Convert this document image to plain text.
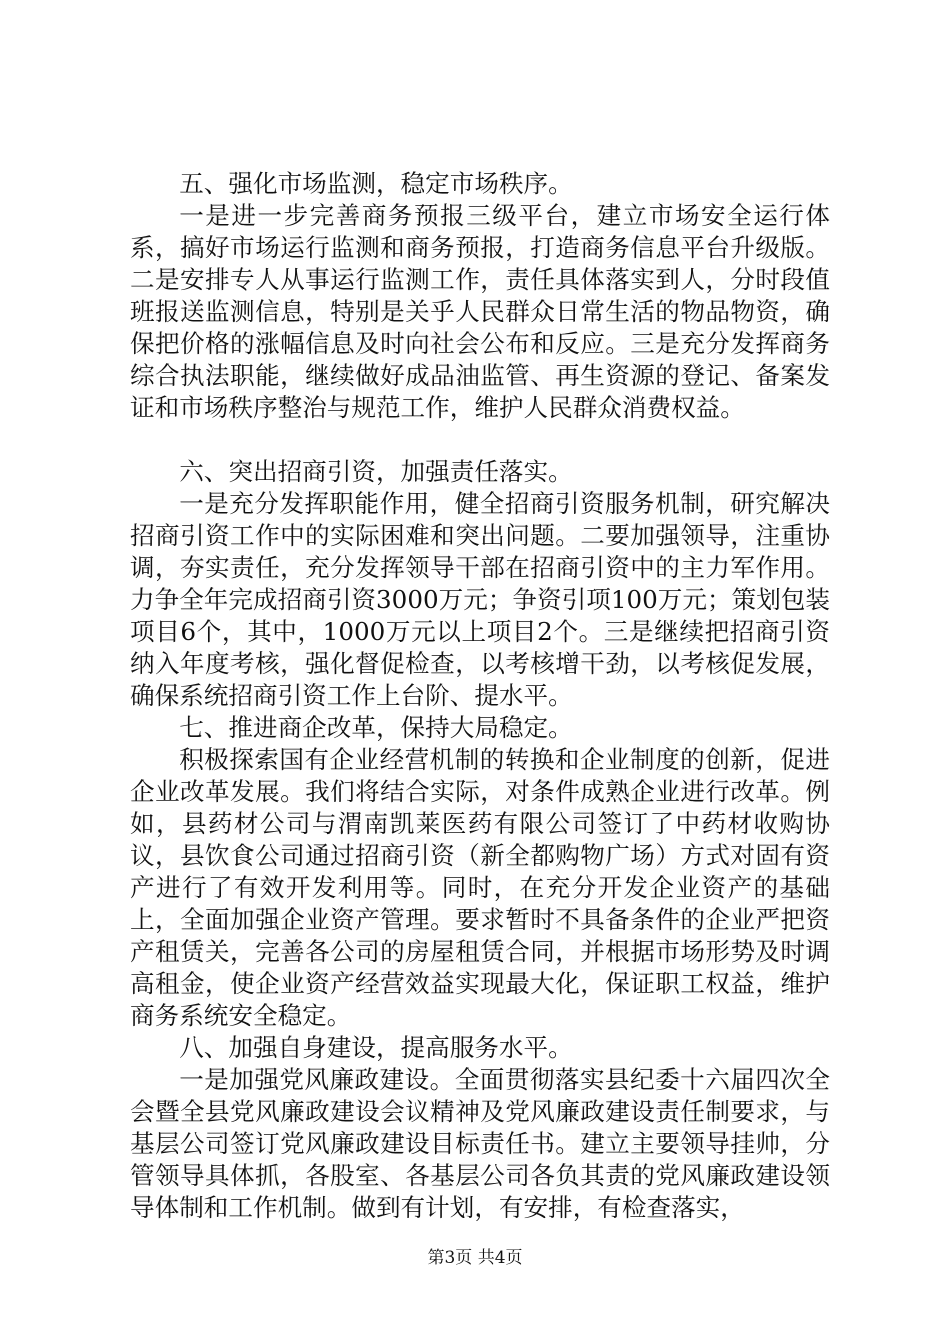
五、强化市场监测，稳定市场秩序。

一是进一步完善商务预报三级平台，建立市场安全运行体系，搞好市场运行监测和商务预报，打造商务信息平台升级版。二是安排专人从事运行监测工作，责任具体落实到人，分时段值班报送监测信息，特别是关乎人民群众日常生活的物品物资，确保把价格的涨幅信息及时向社会公布和反应。三是充分发挥商务综合执法职能，继续做好成品油监管、再生资源的登记、备案发证和市场秩序整治与规范工作，维护人民群众消费权益。

六、突出招商引资，加强责任落实。

一是充分发挥职能作用，健全招商引资服务机制，研究解决招商引资工作中的实际困难和突出问题。二要加强领导，注重协调，夯实责任，充分发挥领导干部在招商引资中的主力军作用。力争全年完成招商引资3000万元；争资引项100万元；策划包装项目6个，其中，1000万元以上项目2个。三是继续把招商引资纳入年度考核，强化督促检查，以考核增干劲，以考核促发展，确保系统招商引资工作上台阶、提水平。

七、推进商企改革，保持大局稳定。

积极探索国有企业经营机制的转换和企业制度的创新，促进企业改革发展。我们将结合实际，对条件成熟企业进行改革。例如，县药材公司与渭南凯莱医药有限公司签订了中药材收购协议，县饮食公司通过招商引资（新全都购物广场）方式对固有资产进行了有效开发利用等。同时，在充分开发企业资产的基础上，全面加强企业资产管理。要求暂时不具备条件的企业严把资产租赁关，完善各公司的房屋租赁合同，并根据市场形势及时调高租金，使企业资产经营效益实现最大化，保证职工权益，维护商务系统安全稳定。

八、加强自身建设，提高服务水平。

一是加强党风廉政建设。全面贯彻落实县纪委十六届四次全会暨全县党风廉政建设会议精神及党风廉政建设责任制要求，与基层公司签订党风廉政建设目标责任书。建立主要领导挂帅，分管领导具体抓，各股室、各基层公司各负其责的党风廉政建设领导体制和工作机制。做到有计划，有安排，有检查落实，

第3页 共4页
